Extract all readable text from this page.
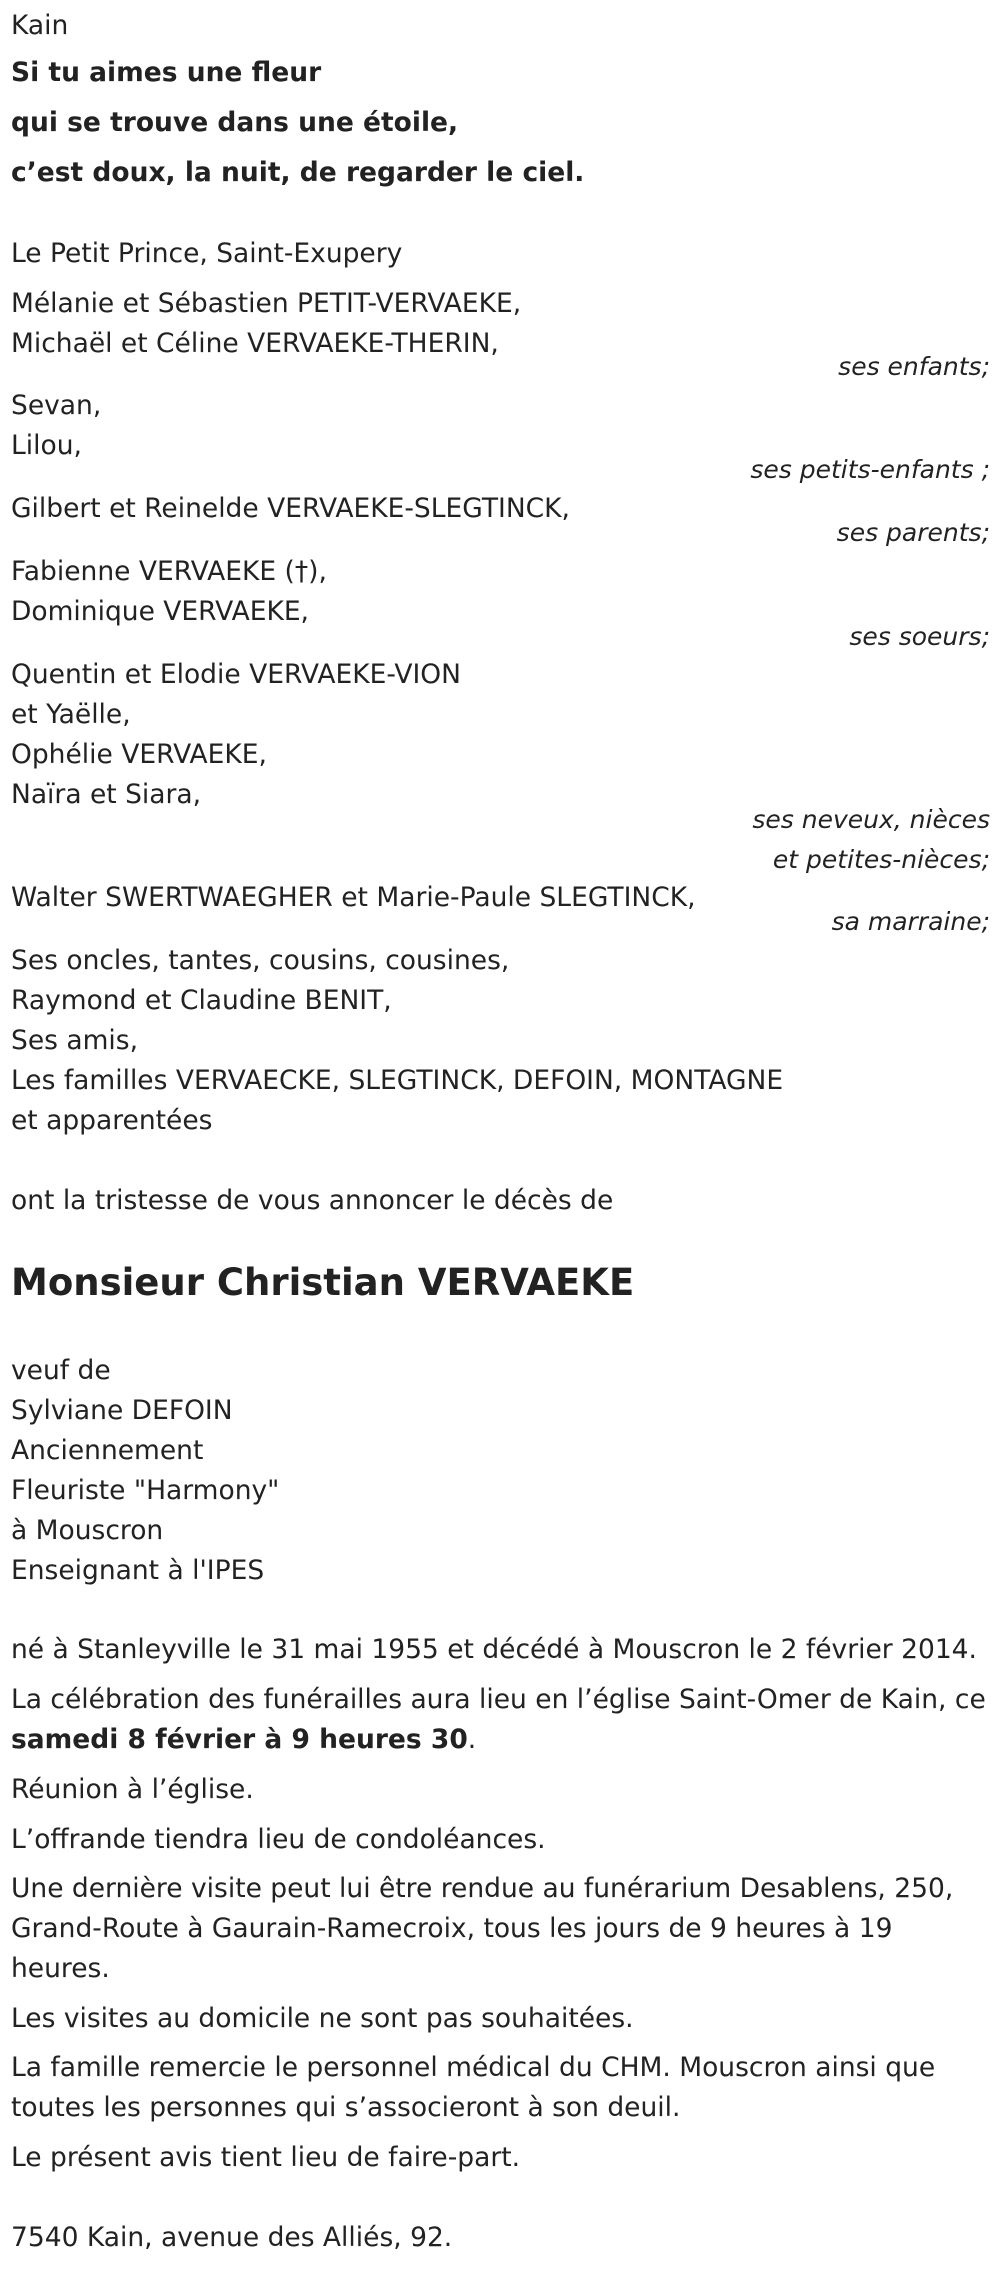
Kain

Si tu aimes une fleur

qui se trouve dans une étoile,

c’est doux, la nuit, de regarder le ciel.

Le Petit Prince, Saint-Exupery

Mélanie et Sébastien PETIT-VERVAEKE,

Michaël et Céline VERVAEKE-THERIN,

ses enfants;

Sevan,

Lilou,

ses petits-enfants ;

Gilbert et Reinelde VERVAEKE-SLEGTINCK,

ses parents;

Fabienne VERVAEKE (†),

Dominique VERVAEKE,

ses soeurs;

Quentin et Elodie VERVAEKE-VION

et Yaëlle,

Ophélie VERVAEKE,

Naïra et Siara,

ses neveux, nièces

et petites-nièces;

Walter SWERTWAEGHER et Marie-Paule SLEGTINCK,

sa marraine;

Ses oncles, tantes, cousins, cousines,

Raymond et Claudine BENIT,

Ses amis,

Les familles VERVAECKE, SLEGTINCK, DEFOIN, MONTAGNE

et apparentées

ont la tristesse de vous annoncer le décès de

Monsieur Christian VERVAEKE

veuf de

Sylviane DEFOIN

Anciennement

Fleuriste "Harmony"

à Mouscron

Enseignant à l'IPES

né à Stanleyville le 31 mai 1955 et décédé à Mouscron le 2 février 2014.

La célébration des funérailles aura lieu en l’église Saint-Omer de Kain, ce

samedi 8 février à 9 heures 30.

Réunion à l’église.

L’offrande tiendra lieu de condoléances.

Une dernière visite peut lui être rendue au funérarium Desablens, 250,

Grand-Route à Gaurain-Ramecroix, tous les jours de 9 heures à 19

heures.

Les visites au domicile ne sont pas souhaitées.

La famille remercie le personnel médical du CHM. Mouscron ainsi que

toutes les personnes qui s’associeront à son deuil.

Le présent avis tient lieu de faire-part.

7540 Kain, avenue des Alliés, 92.
